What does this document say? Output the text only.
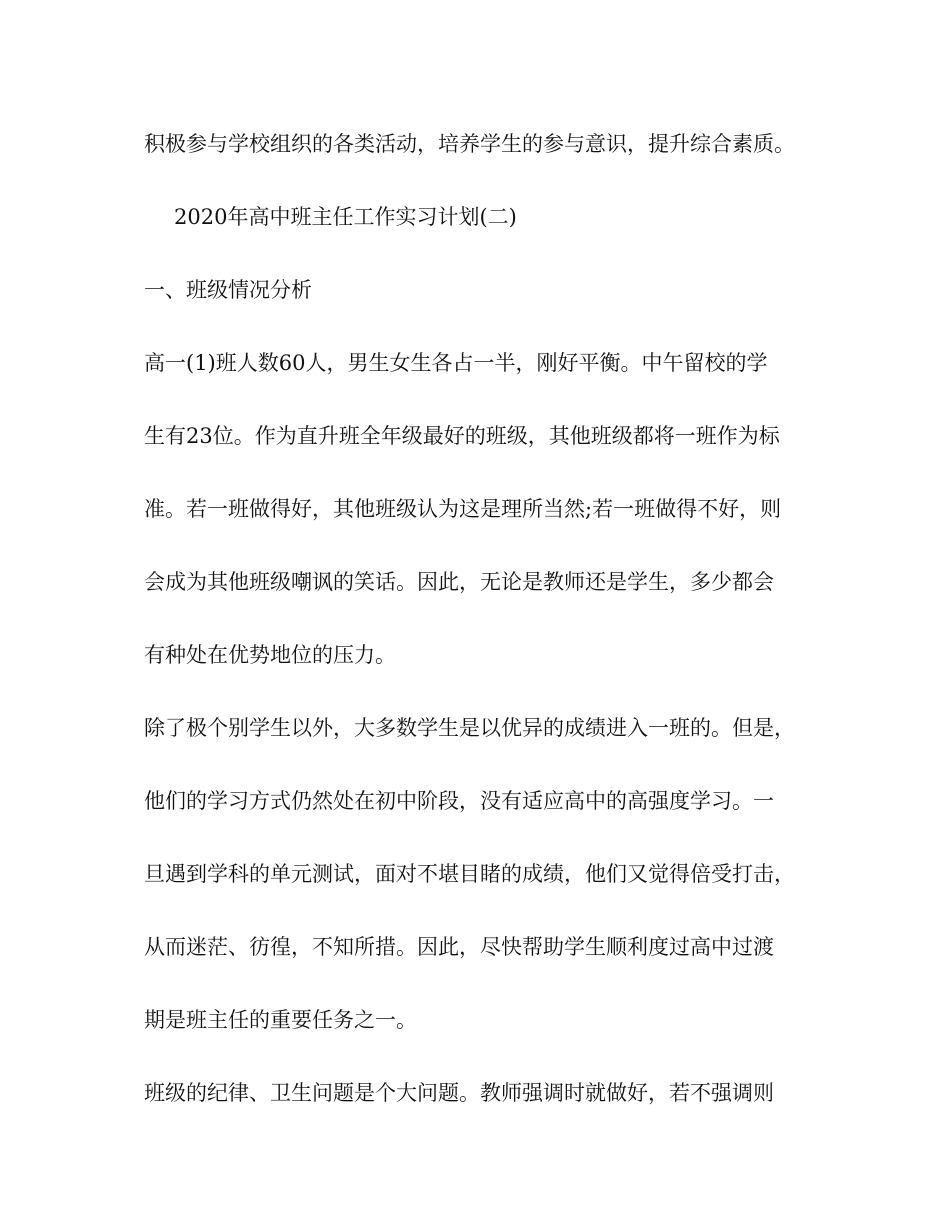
积极参与学校组织的各类活动，培养学生的参与意识，提升综合素质。
2020年高中班主任工作实习计划(二)
一、班级情况分析
高一(1)班人数60人，男生女生各占一半，刚好平衡。中午留校的学
生有23位。作为直升班全年级最好的班级，其他班级都将一班作为标
准。若一班做得好，其他班级认为这是理所当然;若一班做得不好，则
会成为其他班级嘲讽的笑话。因此，无论是教师还是学生，多少都会
有种处在优势地位的压力。
除了极个别学生以外，大多数学生是以优异的成绩进入一班的。但是，
他们的学习方式仍然处在初中阶段，没有适应高中的高强度学习。一
旦遇到学科的单元测试，面对不堪目睹的成绩，他们又觉得倍受打击，
从而迷茫、彷徨，不知所措。因此，尽快帮助学生顺利度过高中过渡
期是班主任的重要任务之一。
班级的纪律、卫生问题是个大问题。教师强调时就做好，若不强调则
